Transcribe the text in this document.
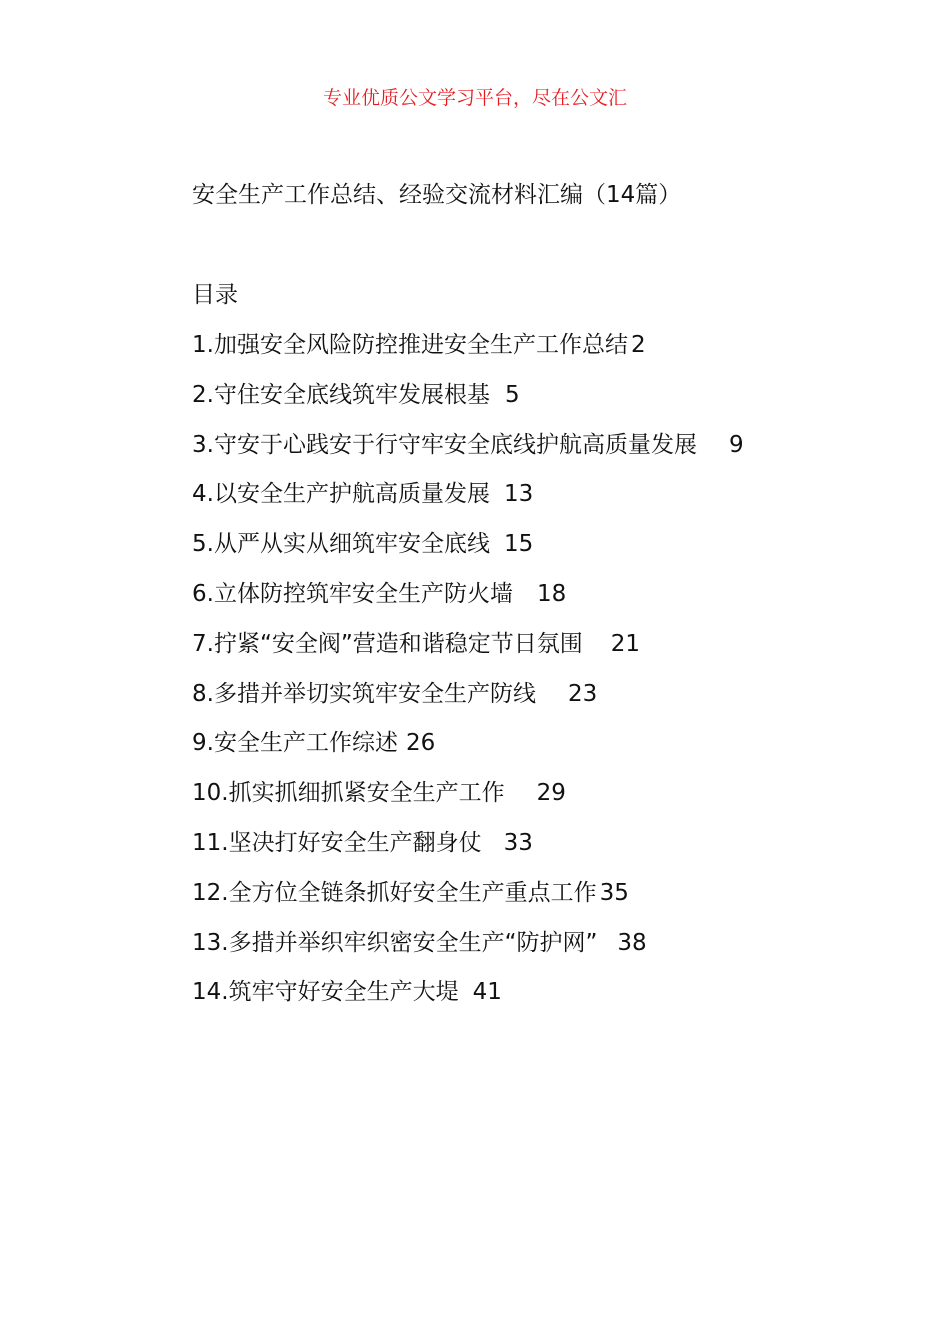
专业优质公文学习平台，尽在公文汇
安全生产工作总结、经验交流材料汇编（14篇）
目录
1.加强安全风险防控推进安全生产工作总结 2
2.守住安全底线筑牢发展根基 5
3.守安于心践安于行守牢安全底线护航高质量发展 9
4.以安全生产护航高质量发展 13
5.从严从实从细筑牢安全底线 15
6.立体防控筑牢安全生产防火墙 18
7.拧紧“安全阀”营造和谐稳定节日氛围 21
8.多措并举切实筑牢安全生产防线 23
9.安全生产工作综述 26
10.抓实抓细抓紧安全生产工作 29
11.坚决打好安全生产翻身仗 33
12.全方位全链条抓好安全生产重点工作 35
13.多措并举织牢织密安全生产“防护网” 38
14.筑牢守好安全生产大堤 41
